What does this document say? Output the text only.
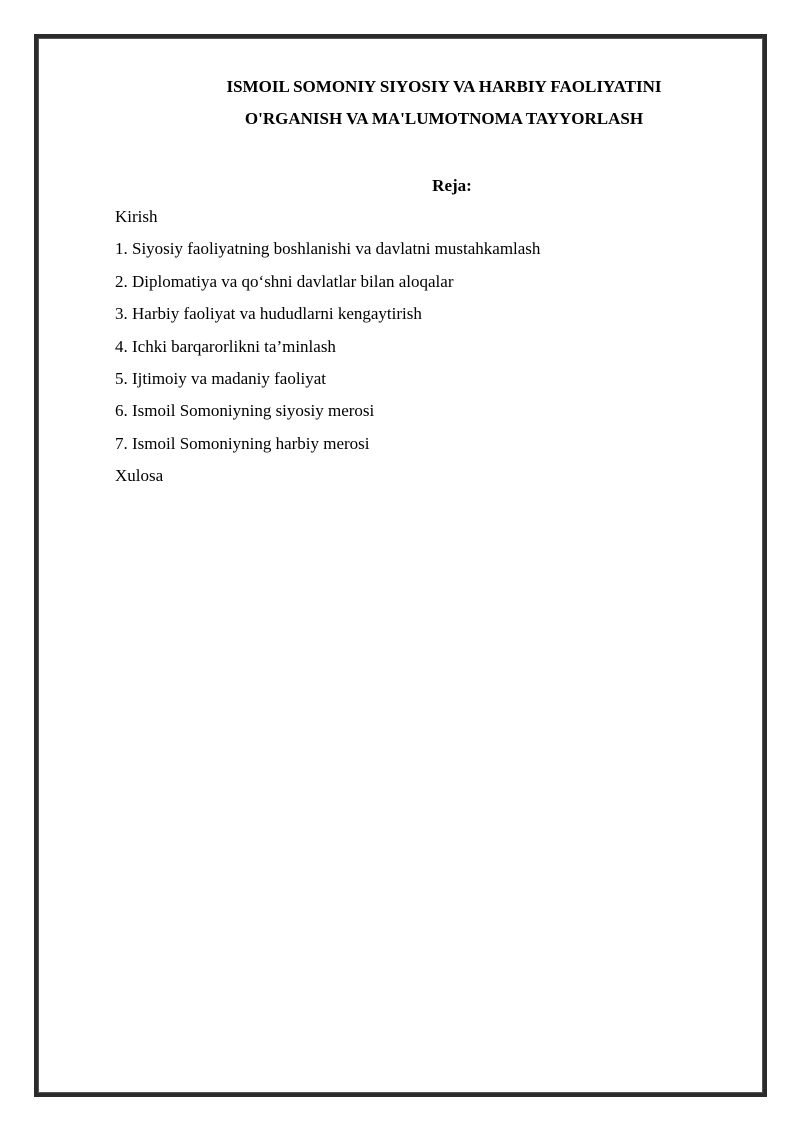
ISMOIL SOMONIY SIYOSIY VA HARBIY FAOLIYATINI
O'RGANISH VA MA'LUMOTNOMA TAYYORLASH
Reja:
Kirish
1. Siyosiy faoliyatning boshlanishi va davlatni mustahkamlash
2. Diplomatiya va qo‘shni davlatlar bilan aloqalar
3. Harbiy faoliyat va hududlarni kengaytirish
4. Ichki barqarorlikni ta’minlash
5. Ijtimoiy va madaniy faoliyat
6. Ismoil Somoniyning siyosiy merosi
7. Ismoil Somoniyning harbiy merosi
Xulosa
